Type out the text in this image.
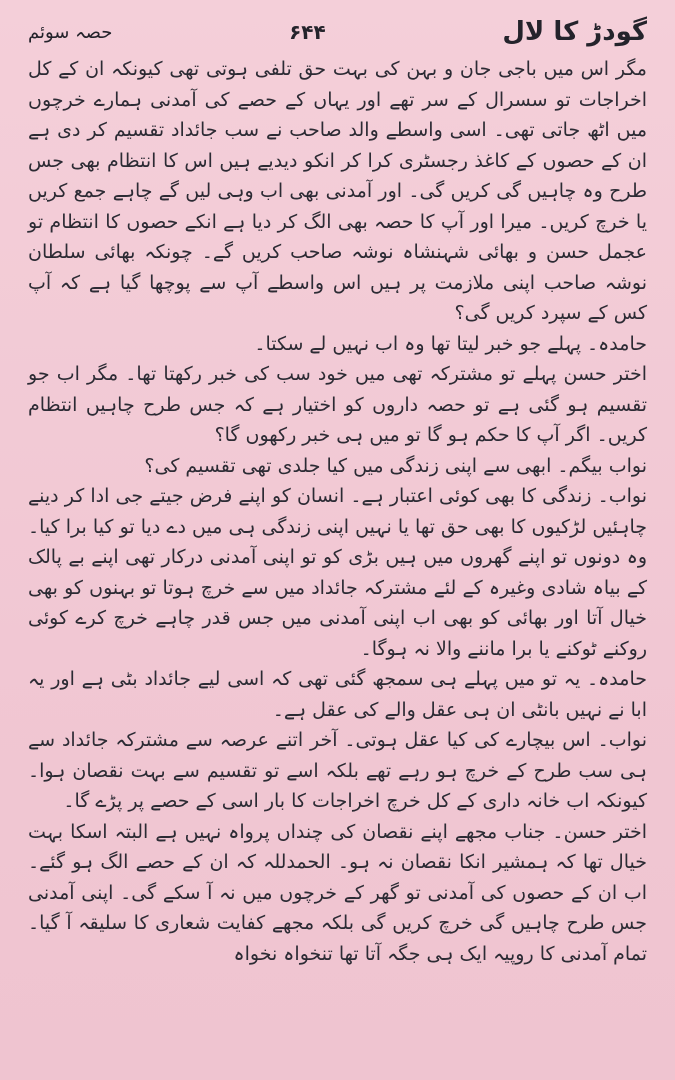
گودڑ کا لال
۶۴۴
حصہ سوئم

مگر اس میں باجی جان و بہن کی بہت حق تلفی ہوتی تھی کیونکہ ان کے کل اخراجات تو سسرال کے سر تھے اور یہاں کے حصے کی آمدنی ہمارے خرچوں میں اٹھ جاتی تھی۔ اسی واسطے والد صاحب نے سب جائداد تقسیم کر دی ہے ان کے حصوں کے کاغذ رجسٹری کرا کر انکو دیدیے ہیں اس کا انتظام بھی جس طرح وہ چاہیں گی کریں گی۔ اور آمدنی بھی اب وہی لیں گے چاہے جمع کریں یا خرچ کریں۔ میرا اور آپ کا حصہ بھی الگ کر دیا ہے انکے حصوں کا انتظام تو عجمل حسن و بھائی شہنشاہ نوشہ صاحب کریں گے۔ چونکہ بھائی سلطان نوشہ صاحب اپنی ملازمت پر ہیں اس واسطے آپ سے پوچھا گیا ہے کہ آپ کس کے سپرد کریں گی؟

حامدہ۔ پہلے جو خبر لیتا تھا وہ اب نہیں لے سکتا۔

اختر حسن پہلے تو مشترکہ تھی میں خود سب کی خبر رکھتا تھا۔ مگر اب جو تقسیم ہو گئی ہے تو حصہ داروں کو اختیار ہے کہ جس طرح چاہیں انتظام کریں۔ اگر آپ کا حکم ہو گا تو میں ہی خبر رکھوں گا؟

نواب بیگم۔ ابھی سے اپنی زندگی میں کیا جلدی تھی تقسیم کی؟

نواب۔ زندگی کا بھی کوئی اعتبار ہے۔ انسان کو اپنے فرض جیتے جی ادا کر دینے چاہئیں لڑکیوں کا بھی حق تھا یا نہیں اپنی زندگی ہی میں دے دیا تو کیا برا کیا۔ وہ دونوں تو اپنے گھروں میں ہیں بڑی کو تو اپنی آمدنی درکار تھی اپنے بے پالک کے بیاہ شادی وغیرہ کے لئے مشترکہ جائداد میں سے خرچ ہوتا تو بہنوں کو بھی خیال آتا اور بھائی کو بھی اب اپنی آمدنی میں جس قدر چاہے خرچ کرے کوئی روکنے ٹوکنے یا برا ماننے والا نہ ہوگا۔

حامدہ۔ یہ تو میں پہلے ہی سمجھ گئی تھی کہ اسی لیے جائداد بٹی ہے اور یہ ابا نے نہیں بانٹی ان ہی عقل والے کی عقل ہے۔

نواب۔ اس بیچارے کی کیا عقل ہوتی۔ آخر اتنے عرصہ سے مشترکہ جائداد سے ہی سب طرح کے خرچ ہو رہے تھے بلکہ اسے تو تقسیم سے بہت نقصان ہوا۔ کیونکہ اب خانہ داری کے کل خرچ اخراجات کا بار اسی کے حصے پر پڑے گا۔

اختر حسن۔ جناب مجھے اپنے نقصان کی چنداں پرواہ نہیں ہے البتہ اسکا بہت خیال تھا کہ ہمشیر انکا نقصان نہ ہو۔ الحمدللہ کہ ان کے حصے الگ ہو گئے۔ اب ان کے حصوں کی آمدنی تو گھر کے خرچوں میں نہ آ سکے گی۔ اپنی آمدنی جس طرح چاہیں گی خرچ کریں گی بلکہ مجھے کفایت شعاری کا سلیقہ آ گیا۔ تمام آمدنی کا روپیہ ایک ہی جگہ آتا تھا تنخواہ نخواہ
